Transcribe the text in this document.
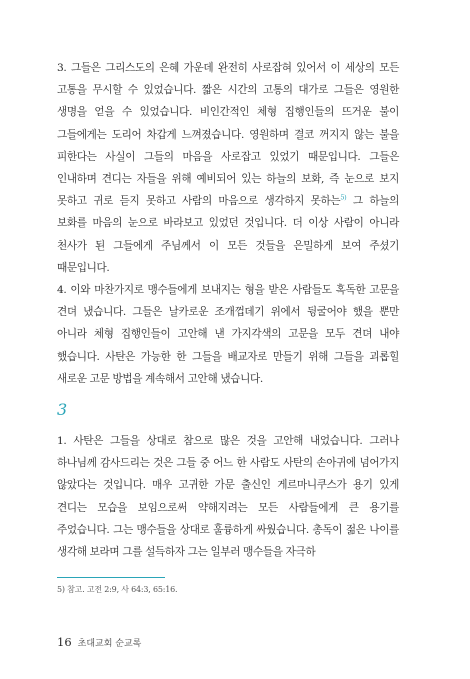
3. 그들은 그리스도의 은혜 가운데 완전히 사로잡혀 있어서 이 세상의 모든 고통을 무시할 수 있었습니다. 짧은 시간의 고통의 대가로 그들은 영원한 생명을 얻을 수 있었습니다. 비인간적인 체형 집행인들의 뜨거운 불이 그들에게는 도리어 차갑게 느껴졌습니다. 영원하며 결코 꺼지지 않는 불을 피한다는 사실이 그들의 마음을 사로잡고 있었기 때문입니다. 그들은 인내하며 견디는 자들을 위해 예비되어 있는 하늘의 보화, 즉 눈으로 보지 못하고 귀로 듣지 못하고 사람의 마음으로 생각하지 못하는$^{5)}$ 그 하늘의 보화를 마음의 눈으로 바라보고 있었던 것입니다. 더 이상 사람이 아니라 천사가 된 그들에게 주님께서 이 모든 것들을 은밀하게 보여 주셨기 때문입니다.

4. 이와 마찬가지로 맹수들에게 보내지는 형을 받은 사람들도 혹독한 고문을 견뎌 냈습니다. 그들은 날카로운 조개껍데기 위에서 뒹굴어야 했을 뿐만 아니라 체형 집행인들이 고안해 낸 가지각색의 고문을 모두 견뎌 내야 했습니다. 사탄은 가능한 한 그들을 배교자로 만들기 위해 그들을 괴롭힐 새로운 고문 방법을 계속해서 고안해 냈습니다.

3

1. 사탄은 그들을 상대로 참으로 많은 것을 고안해 내었습니다. 그러나 하나님께 감사드리는 것은 그들 중 어느 한 사람도 사탄의 손아귀에 넘어가지 않았다는 것입니다. 매우 고귀한 가문 출신인 게르마니쿠스가 용기 있게 견디는 모습을 보임으로써 약해지려는 모든 사람들에게 큰 용기를 주었습니다. 그는 맹수들을 상대로 훌륭하게 싸웠습니다. 총독이 젊은 나이를 생각해 보라며 그를 설득하자 그는 일부러 맹수들을 자극하

5) 참고. 고전 2:9, 사 64:3, 65:16.

16 초대교회 순교록
